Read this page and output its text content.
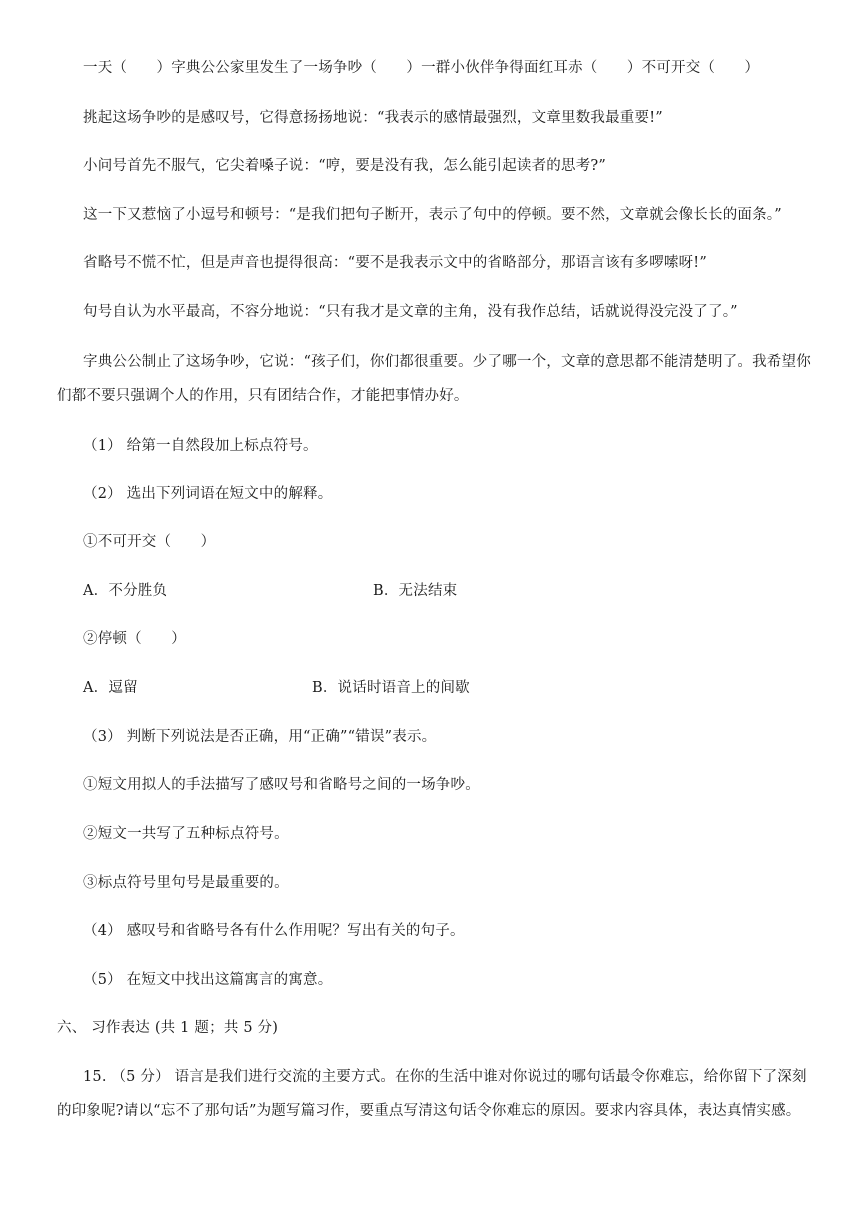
一天（　　）字典公公家里发生了一场争吵（　　）一群小伙伴争得面红耳赤（　　）不可开交（　　）
挑起这场争吵的是感叹号，它得意扬扬地说：“我表示的感情最强烈，文章里数我最重要!”
小问号首先不服气，它尖着嗓子说：“哼，要是没有我，怎么能引起读者的思考?”
这一下又惹恼了小逗号和顿号：“是我们把句子断开，表示了句中的停顿。要不然，文章就会像长长的面条。”
省略号不慌不忙，但是声音也提得很高：“要不是我表示文中的省略部分，那语言该有多啰嗦呀!”
句号自认为水平最高，不容分地说：“只有我才是文章的主角，没有我作总结，话就说得没完没了了。”
字典公公制止了这场争吵，它说：“孩子们，你们都很重要。少了哪一个，文章的意思都不能清楚明了。我希望你们都不要只强调个人的作用，只有团结合作，才能把事情办好。
（1） 给第一自然段加上标点符号。
（2） 选出下列词语在短文中的解释。
①不可开交（　　）
A．不分胜负	B．无法结束
②停顿（　　）
A．逗留	B．说话时语音上的间歇
（3） 判断下列说法是否正确，用“正确”“错误”表示。
①短文用拟人的手法描写了感叹号和省略号之间的一场争吵。
②短文一共写了五种标点符号。
③标点符号里句号是最重要的。
（4） 感叹号和省略号各有什么作用呢？写出有关的句子。
（5） 在短文中找出这篇寓言的寓意。
六、 习作表达 (共 1 题；共 5 分)
15. （5 分） 语言是我们进行交流的主要方式。在你的生活中谁对你说过的哪句话最令你难忘，给你留下了深刻的印象呢?请以“忘不了那句话”为题写篇习作，要重点写清这句话令你难忘的原因。要求内容具体，表达真情实感。
